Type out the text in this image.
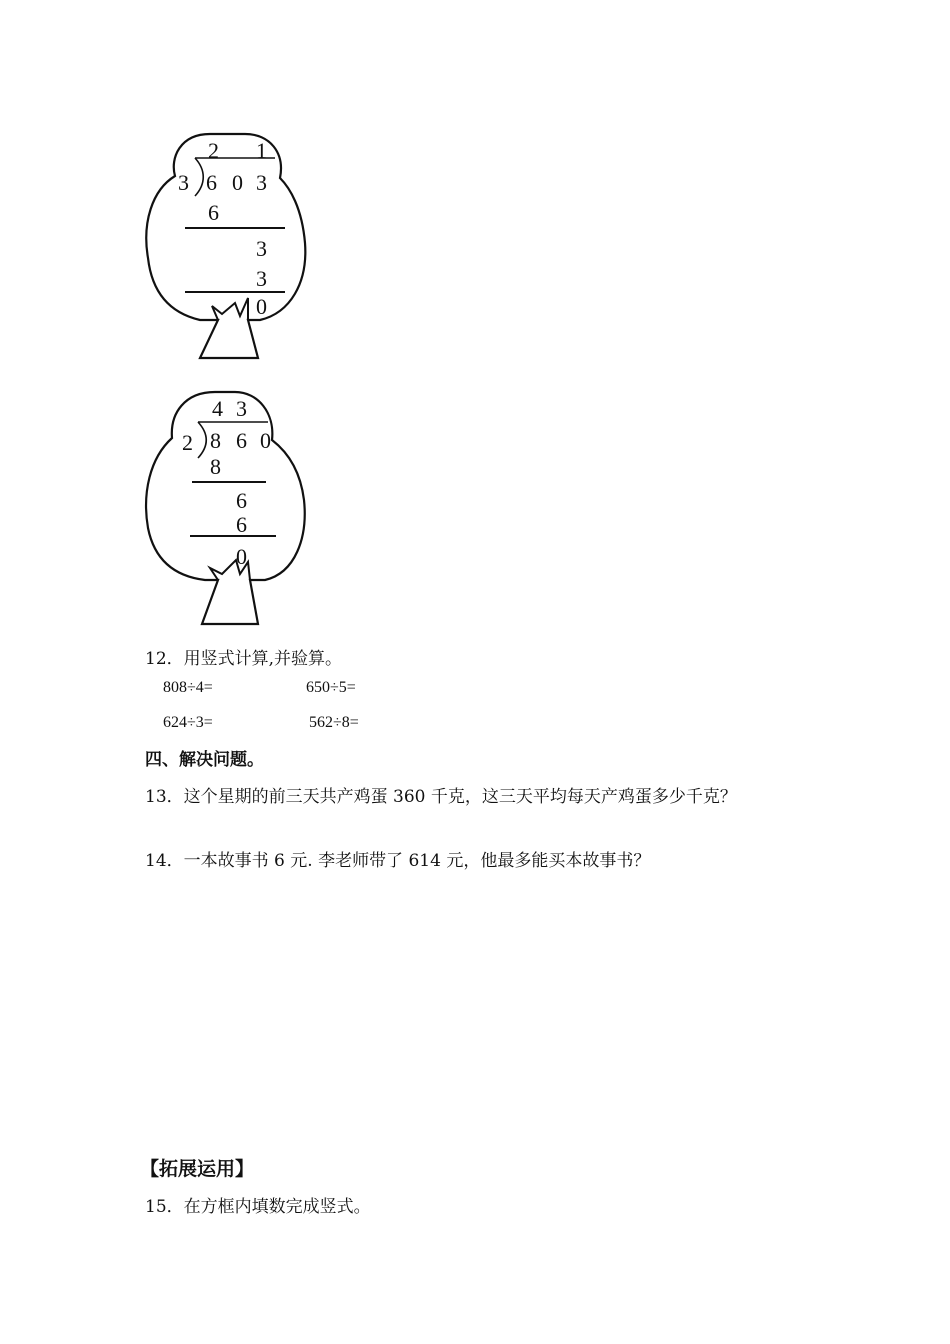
2 1
3 6 0 3
6
3
3
0
4 3
2 8 6 0
8
6
6
0
12．用竖式计算,并验算。
808÷4=	650÷5=
624÷3=	562÷8=
四、解决问题。
13．这个星期的前三天共产鸡蛋 360 千克，这三天平均每天产鸡蛋多少千克？
14．一本故事书 6 元. 李老师带了 614 元，他最多能买本故事书？
【拓展运用】
15．在方框内填数完成竖式。
